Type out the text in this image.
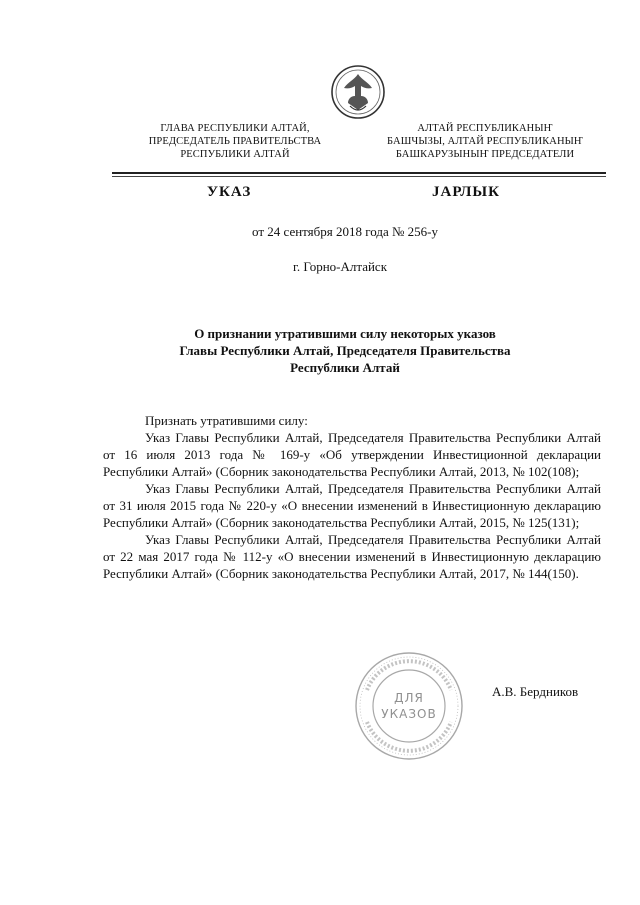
ГЛАВА РЕСПУБЛИКИ АЛТАЙ,
ПРЕДСЕДАТЕЛЬ ПРАВИТЕЛЬСТВА
РЕСПУБЛИКИ АЛТАЙ
АЛТАЙ РЕСПУБЛИКАНЫҤ
БАШЧЫЗЫ, АЛТАЙ РЕСПУБЛИКАНЫҤ
БАШКАРУЗЫНЫҤ ПРЕДСЕДАТЕЛИ
УКАЗ	JАРЛЫК
от 24 сентября 2018 года № 256-у
г. Горно-Алтайск
О признании утратившими силу некоторых указов
Главы Республики Алтай, Председателя Правительства
Республики Алтай

Признать утратившими силу:

Указ Главы Республики Алтай, Председателя Правительства Республики Алтай от 16 июля 2013 года № 169-у «Об утверждении Инвестиционной декларации Республики Алтай» (Сборник законодательства Республики Алтай, 2013, № 102(108);

Указ Главы Республики Алтай, Председателя Правительства Республики Алтай от 31 июля 2015 года № 220-у «О внесении изменений в Инвестиционную декларацию Республики Алтай» (Сборник законодательства Республики Алтай, 2015, № 125(131);

Указ Главы Республики Алтай, Председателя Правительства Республики Алтай от 22 мая 2017 года № 112-у «О внесении изменений в Инвестиционную декларацию Республики Алтай» (Сборник законодательства Республики Алтай, 2017, № 144(150).

ДЛЯ
УКАЗОВ
А.В. Бердников
